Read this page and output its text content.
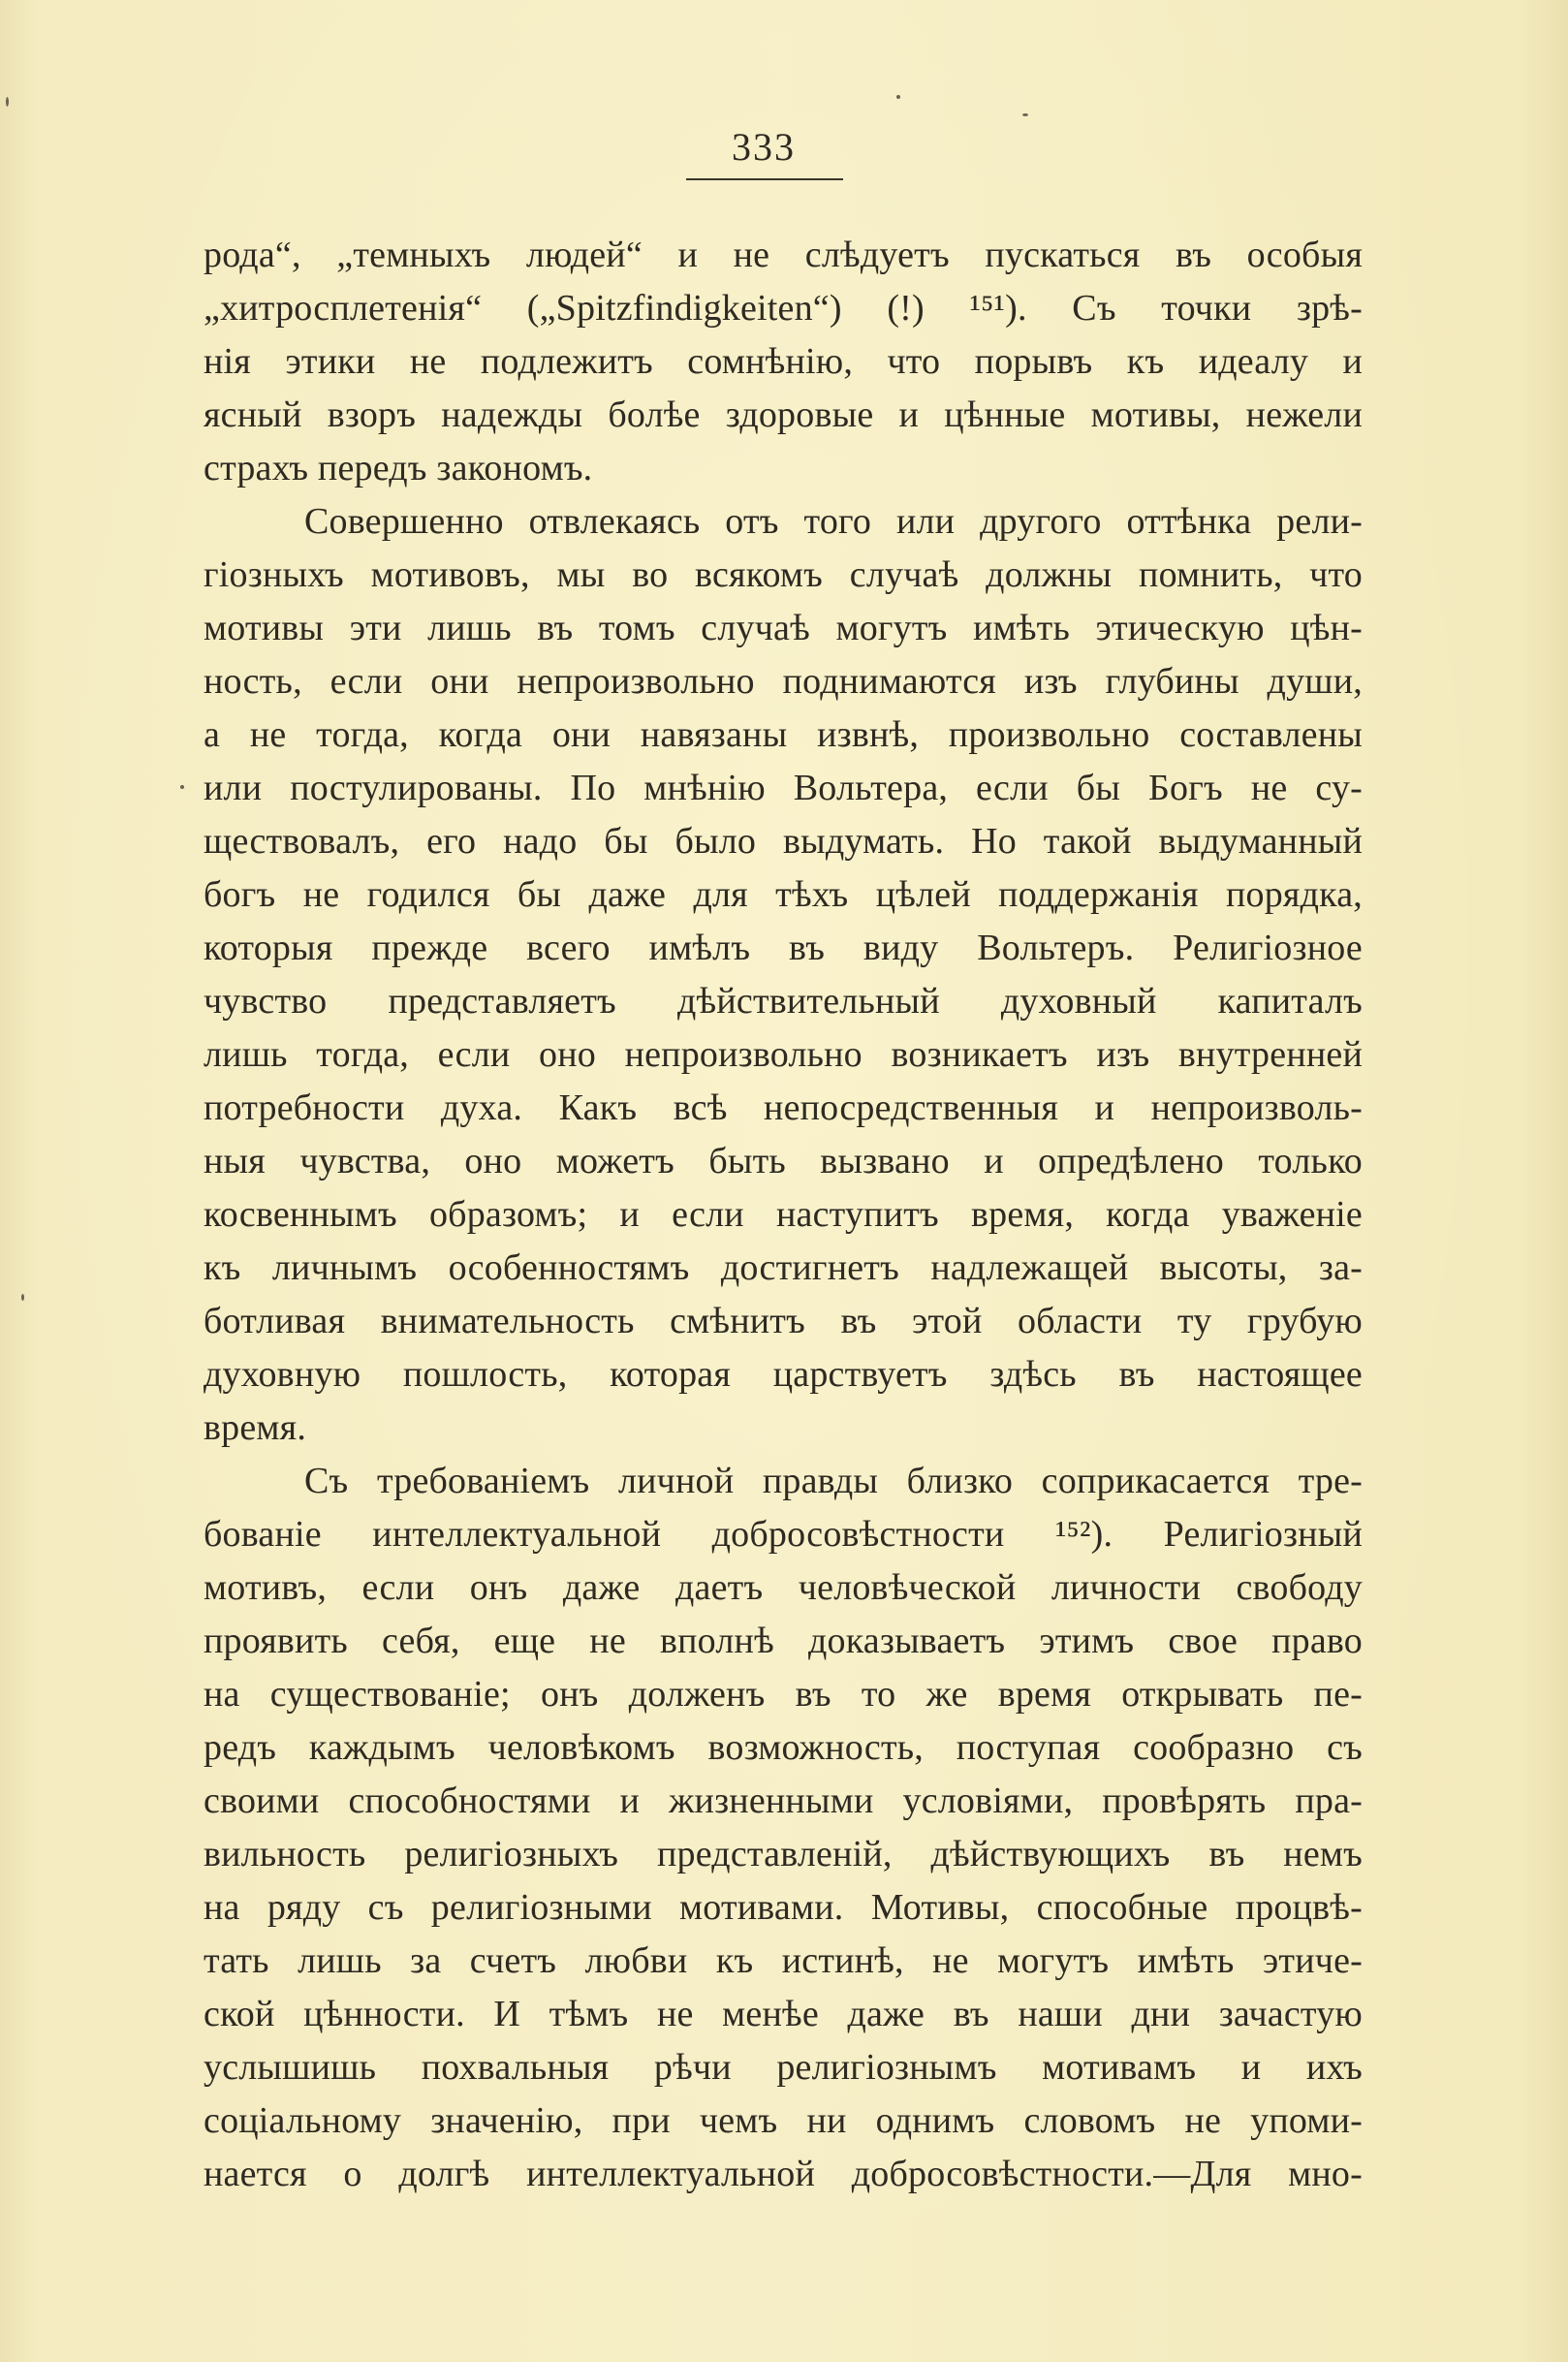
333
рода“, „темныхъ людей“ и не слѣдуетъ пускаться въ особыя
„хитросплетенія“ („Spitzfindigkeiten“) (!) ¹⁵¹). Съ точки зрѣ-
нія этики не подлежитъ сомнѣнію, что порывъ къ идеалу и
ясный взоръ надежды болѣе здоровые и цѣнные мотивы, нежели
страхъ передъ закономъ.
Совершенно отвлекаясь отъ того или другого оттѣнка рели-
гіозныхъ мотивовъ, мы во всякомъ случаѣ должны помнить, что
мотивы эти лишь въ томъ случаѣ могутъ имѣть этическую цѣн-
ность, если они непроизвольно поднимаются изъ глубины души,
а не тогда, когда они навязаны извнѣ, произвольно составлены
или постулированы. По мнѣнію Вольтера, если бы Богъ не су-
ществовалъ, его надо бы было выдумать. Но такой выдуманный
богъ не годился бы даже для тѣхъ цѣлей поддержанія порядка,
которыя прежде всего имѣлъ въ виду Вольтеръ. Религіозное
чувство представляетъ дѣйствительный духовный капиталъ
лишь тогда, если оно непроизвольно возникаетъ изъ внутренней
потребности духа. Какъ всѣ непосредственныя и непроизволь-
ныя чувства, оно можетъ быть вызвано и опредѣлено только
косвеннымъ образомъ; и если наступитъ время, когда уваженіе
къ личнымъ особенностямъ достигнетъ надлежащей высоты, за-
ботливая внимательность смѣнитъ въ этой области ту грубую
духовную пошлость, которая царствуетъ здѣсь въ настоящее
время.
Съ требованіемъ личной правды близко соприкасается тре-
бованіе интеллектуальной добросовѣстности ¹⁵²). Религіозный
мотивъ, если онъ даже даетъ человѣческой личности свободу
проявить себя, еще не вполнѣ доказываетъ этимъ свое право
на существованіе; онъ долженъ въ то же время открывать пе-
редъ каждымъ человѣкомъ возможность, поступая сообразно съ
своими способностями и жизненными условіями, провѣрять пра-
вильность религіозныхъ представленій, дѣйствующихъ въ немъ
на ряду съ религіозными мотивами. Мотивы, способные процвѣ-
тать лишь за счетъ любви къ истинѣ, не могутъ имѣть этиче-
ской цѣнности. И тѣмъ не менѣе даже въ наши дни зачастую
услышишь похвальныя рѣчи религіознымъ мотивамъ и ихъ
соціальному значенію, при чемъ ни однимъ словомъ не упоми-
нается о долгѣ интеллектуальной добросовѣстности.—Для мно-
